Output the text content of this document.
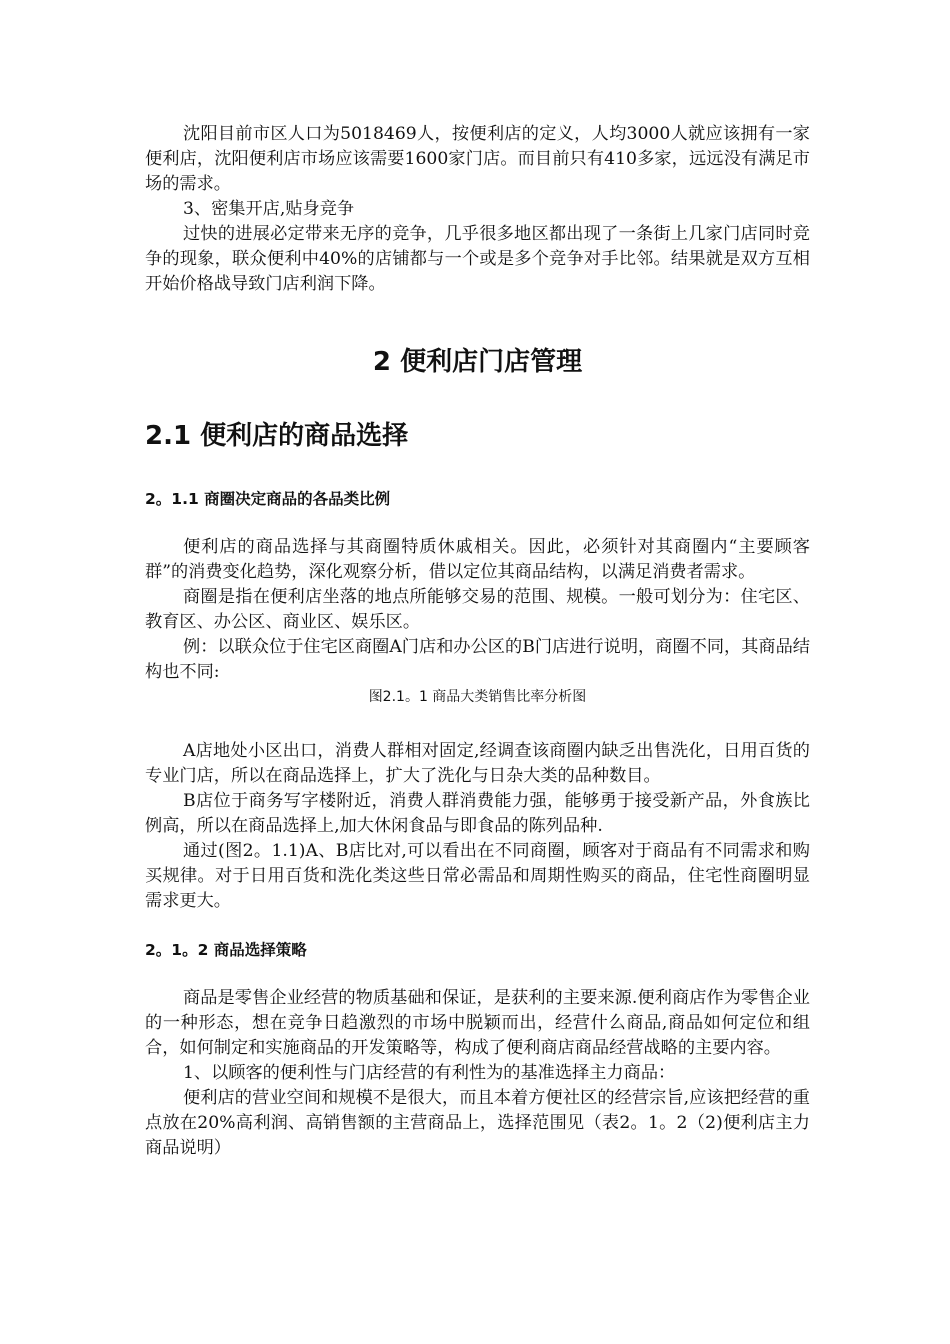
沈阳目前市区人口为5018469人，按便利店的定义，人均3000人就应该拥有一家便利店，沈阳便利店市场应该需要1600家门店。而目前只有410多家，远远没有满足市场的需求。

3、密集开店,贴身竞争

过快的进展必定带来无序的竞争，几乎很多地区都出现了一条街上几家门店同时竞争的现象，联众便利中40%的店铺都与一个或是多个竞争对手比邻。结果就是双方互相开始价格战导致门店利润下降。

2 便利店门店管理
2.1 便利店的商品选择
2。1.1 商圈决定商品的各品类比例

便利店的商品选择与其商圈特质休戚相关。因此，必须针对其商圈内“主要顾客群”的消费变化趋势，深化观察分析，借以定位其商品结构，以满足消费者需求。

商圈是指在便利店坐落的地点所能够交易的范围、规模。一般可划分为：住宅区、教育区、办公区、商业区、娱乐区。

例：以联众位于住宅区商圈A门店和办公区的B门店进行说明，商圈不同，其商品结构也不同:

图2.1。1 商品大类销售比率分析图

A店地处小区出口，消费人群相对固定,经调查该商圈内缺乏出售洗化，日用百货的专业门店，所以在商品选择上，扩大了洗化与日杂大类的品种数目。

B店位于商务写字楼附近，消费人群消费能力强，能够勇于接受新产品，外食族比例高，所以在商品选择上,加大休闲食品与即食品的陈列品种.

通过(图2。1.1)A、B店比对,可以看出在不同商圈，顾客对于商品有不同需求和购买规律。对于日用百货和洗化类这些日常必需品和周期性购买的商品，住宅性商圈明显需求更大。

2。1。2 商品选择策略

商品是零售企业经营的物质基础和保证，是获利的主要来源.便利商店作为零售企业的一种形态，想在竞争日趋激烈的市场中脱颖而出，经营什么商品,商品如何定位和组合，如何制定和实施商品的开发策略等，构成了便利商店商品经营战略的主要内容。

1、以顾客的便利性与门店经营的有利性为的基准选择主力商品：

便利店的营业空间和规模不是很大，而且本着方便社区的经营宗旨,应该把经营的重点放在20%高利润、高销售额的主营商品上，选择范围见（表2。1。2（2)便利店主力商品说明）
